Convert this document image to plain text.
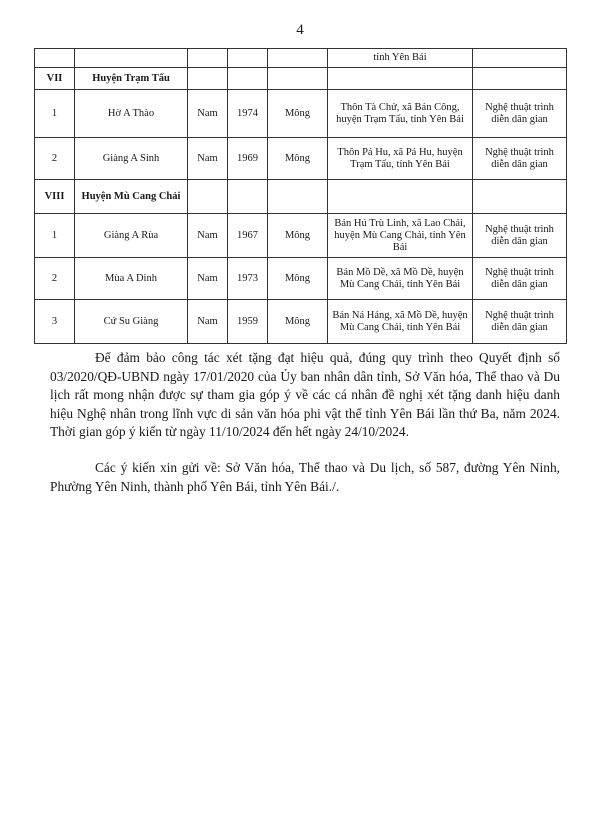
4
					tỉnh Yên Bái	
VII	Huyện Trạm Tấu					
1	Hờ A Thào	Nam	1974	Mông	Thôn Tà Chử, xã Bản Công, huyện Trạm Tấu, tỉnh Yên Bái	Nghệ thuật trình diễn dân gian
2	Giàng A Sinh	Nam	1969	Mông	Thôn Pá Hu, xã Pá Hu, huyện Trạm Tấu, tỉnh Yên Bái	Nghệ thuật trình diễn dân gian
VIII	Huyện Mù Cang Chải					
1	Giàng A Rùa	Nam	1967	Mông	Bản Hú Trù Linh, xã Lao Chải, huyện Mù Cang Chải, tỉnh Yên Bái	Nghệ thuật trình diễn dân gian
2	Mùa A Dinh	Nam	1973	Mông	Bản Mồ Dề, xã Mồ Dề, huyện Mù Cang Chải, tỉnh Yên Bái	Nghệ thuật trình diễn dân gian
3	Cứ Su Giàng	Nam	1959	Mông	Bản Ná Háng, xã Mồ Dề, huyện Mù Cang Chải, tỉnh Yên Bái	Nghệ thuật trình diễn dân gian

Để đảm bảo công tác xét tặng đạt hiệu quả, đúng quy trình theo Quyết định số 03/2020/QĐ-UBND ngày 17/01/2020 của Ủy ban nhân dân tỉnh, Sở Văn hóa, Thể thao và Du lịch rất mong nhận được sự tham gia góp ý về các cá nhân đề nghị xét tặng danh hiệu danh hiệu Nghệ nhân trong lĩnh vực di sản văn hóa phi vật thể tỉnh Yên Bái lần thứ Ba, năm 2024. Thời gian góp ý kiến từ ngày 11/10/2024 đến hết ngày 24/10/2024.

Các ý kiến xin gửi về: Sở Văn hóa, Thể thao và Du lịch, số 587, đường Yên Ninh, Phường Yên Ninh, thành phố Yên Bái, tỉnh Yên Bái./.
